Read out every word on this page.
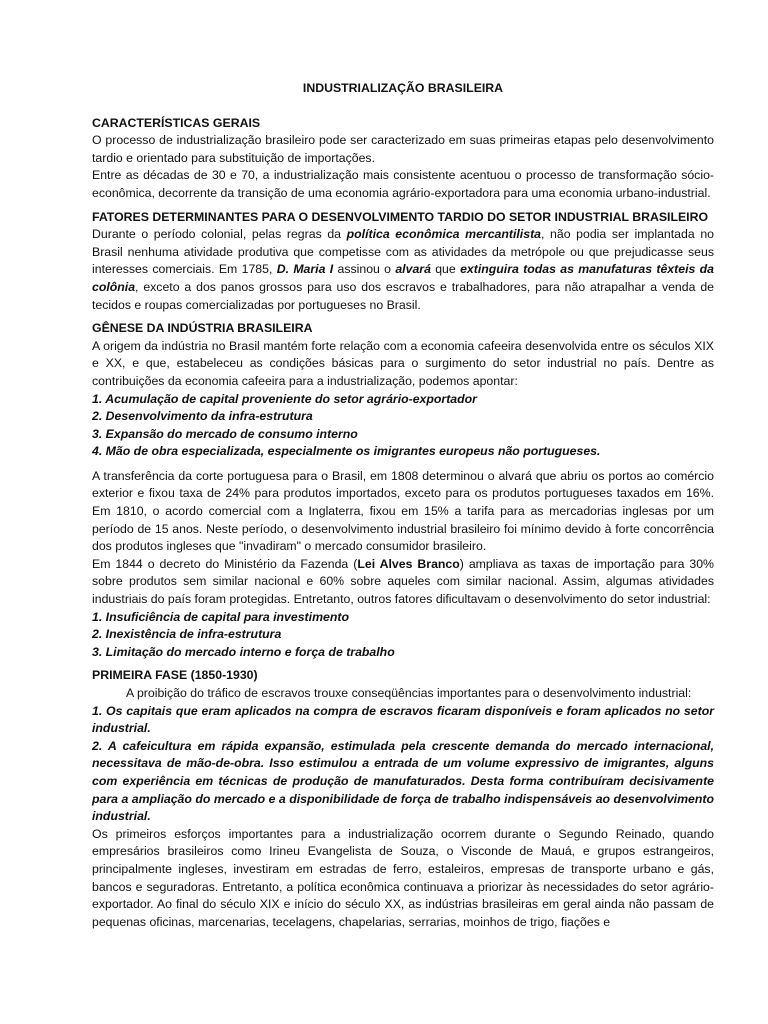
INDUSTRIALIZAÇÃO BRASILEIRA
CARACTERÍSTICAS GERAIS

O processo de industrialização brasileiro pode ser caracterizado em suas primeiras etapas pelo desenvolvimento tardio e orientado para substituição de importações.

Entre as décadas de 30 e 70, a industrialização mais consistente acentuou o processo de transformação sócio-econômica, decorrente da transição de uma economia agrário-exportadora para uma economia urbano-industrial.

FATORES DETERMINANTES PARA O DESENVOLVIMENTO TARDIO DO SETOR INDUSTRIAL BRASILEIRO

Durante o período colonial, pelas regras da política econômica mercantilista, não podia ser implantada no Brasil nenhuma atividade produtiva que competisse com as atividades da metrópole ou que prejudicasse seus interesses comerciais. Em 1785, D. Maria I assinou o alvará que extinguira todas as manufaturas têxteis da colônia, exceto a dos panos grossos para uso dos escravos e trabalhadores, para não atrapalhar a venda de tecidos e roupas comercializadas por portugueses no Brasil.

GÊNESE DA INDÚSTRIA BRASILEIRA

A origem da indústria no Brasil mantém forte relação com a economia cafeeira desenvolvida entre os séculos XIX e XX, e que, estabeleceu as condições básicas para o surgimento do setor industrial no país. Dentre as contribuições da economia cafeeira para a industrialização, podemos apontar:

1. Acumulação de capital proveniente do setor agrário-exportador
2. Desenvolvimento da infra-estrutura
3. Expansão do mercado de consumo interno
4. Mão de obra especializada, especialmente os imigrantes europeus não portugueses.

A transferência da corte portuguesa para o Brasil, em 1808 determinou o alvará que abriu os portos ao comércio exterior e fixou taxa de 24% para produtos importados, exceto para os produtos portugueses taxados em 16%. Em 1810, o acordo comercial com a Inglaterra, fixou em 15% a tarifa para as mercadorias inglesas por um período de 15 anos. Neste período, o desenvolvimento industrial brasileiro foi mínimo devido à forte concorrência dos produtos ingleses que "invadiram" o mercado consumidor brasileiro.

Em 1844 o decreto do Ministério da Fazenda (Lei Alves Branco) ampliava as taxas de importação para 30% sobre produtos sem similar nacional e 60% sobre aqueles com similar nacional. Assim, algumas atividades industriais do país foram protegidas. Entretanto, outros fatores dificultavam o desenvolvimento do setor industrial:

1. Insuficiência de capital para investimento
2. Inexistência de infra-estrutura
3. Limitação do mercado interno e força de trabalho
PRIMEIRA FASE (1850-1930)

A proibição do tráfico de escravos trouxe conseqüências importantes para o desenvolvimento industrial:

1. Os capitais que eram aplicados na compra de escravos ficaram disponíveis e foram aplicados no setor industrial.

2. A cafeicultura em rápida expansão, estimulada pela crescente demanda do mercado internacional, necessitava de mão-de-obra. Isso estimulou a entrada de um volume expressivo de imigrantes, alguns com experiência em técnicas de produção de manufaturados. Desta forma contribuíram decisivamente para a ampliação do mercado e a disponibilidade de força de trabalho indispensáveis ao desenvolvimento industrial.

Os primeiros esforços importantes para a industrialização ocorrem durante o Segundo Reinado, quando empresários brasileiros como Irineu Evangelista de Souza, o Visconde de Mauá, e grupos estrangeiros, principalmente ingleses, investiram em estradas de ferro, estaleiros, empresas de transporte urbano e gás, bancos e seguradoras. Entretanto, a política econômica continuava a priorizar às necessidades do setor agrário-exportador. Ao final do século XIX e início do século XX, as indústrias brasileiras em geral ainda não passam de pequenas oficinas, marcenarias, tecelagens, chapelarias, serrarias, moinhos de trigo, fiações e
